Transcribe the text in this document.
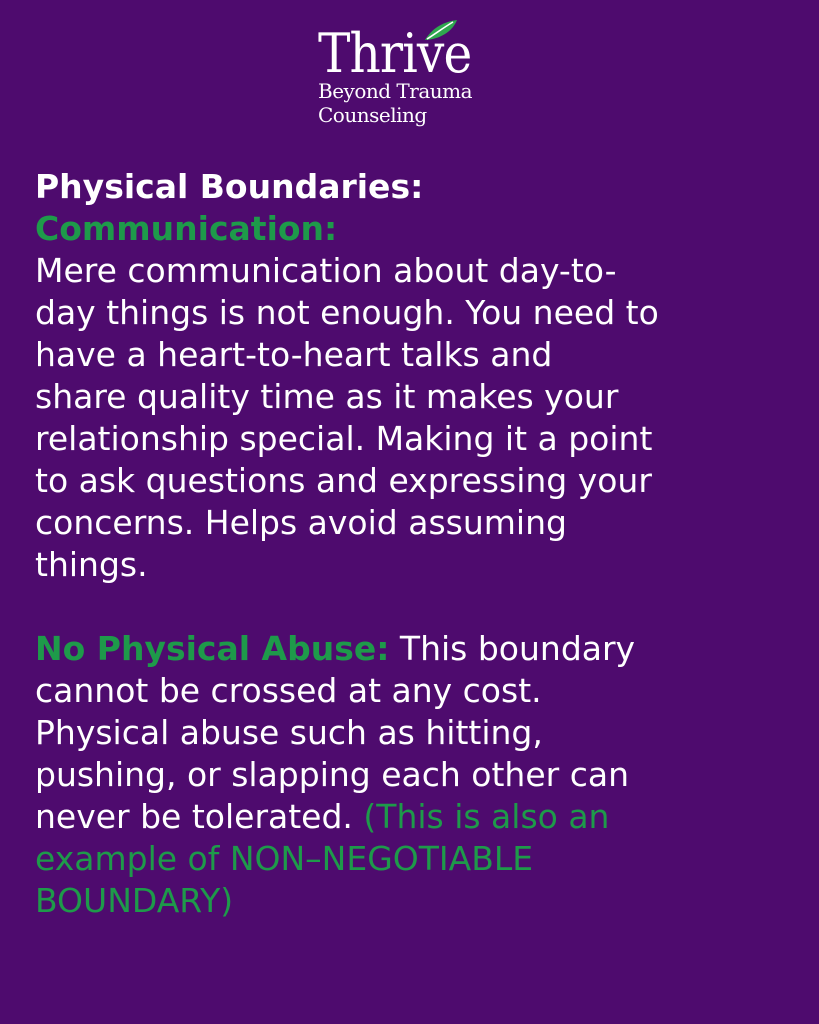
Thrive
Beyond Trauma
Counseling

Physical Boundaries:

Communication:

Mere communication about day-to-
day things is not enough. You need to
have a heart-to-heart talks and
share quality time as it makes your
relationship special. Making it a point
to ask questions and expressing your
concerns. Helps avoid assuming
things.

No Physical Abuse: This boundary
cannot be crossed at any cost.
Physical abuse such as hitting,
pushing, or slapping each other can
never be tolerated. (This is also an
example of NON–NEGOTIABLE
BOUNDARY)
